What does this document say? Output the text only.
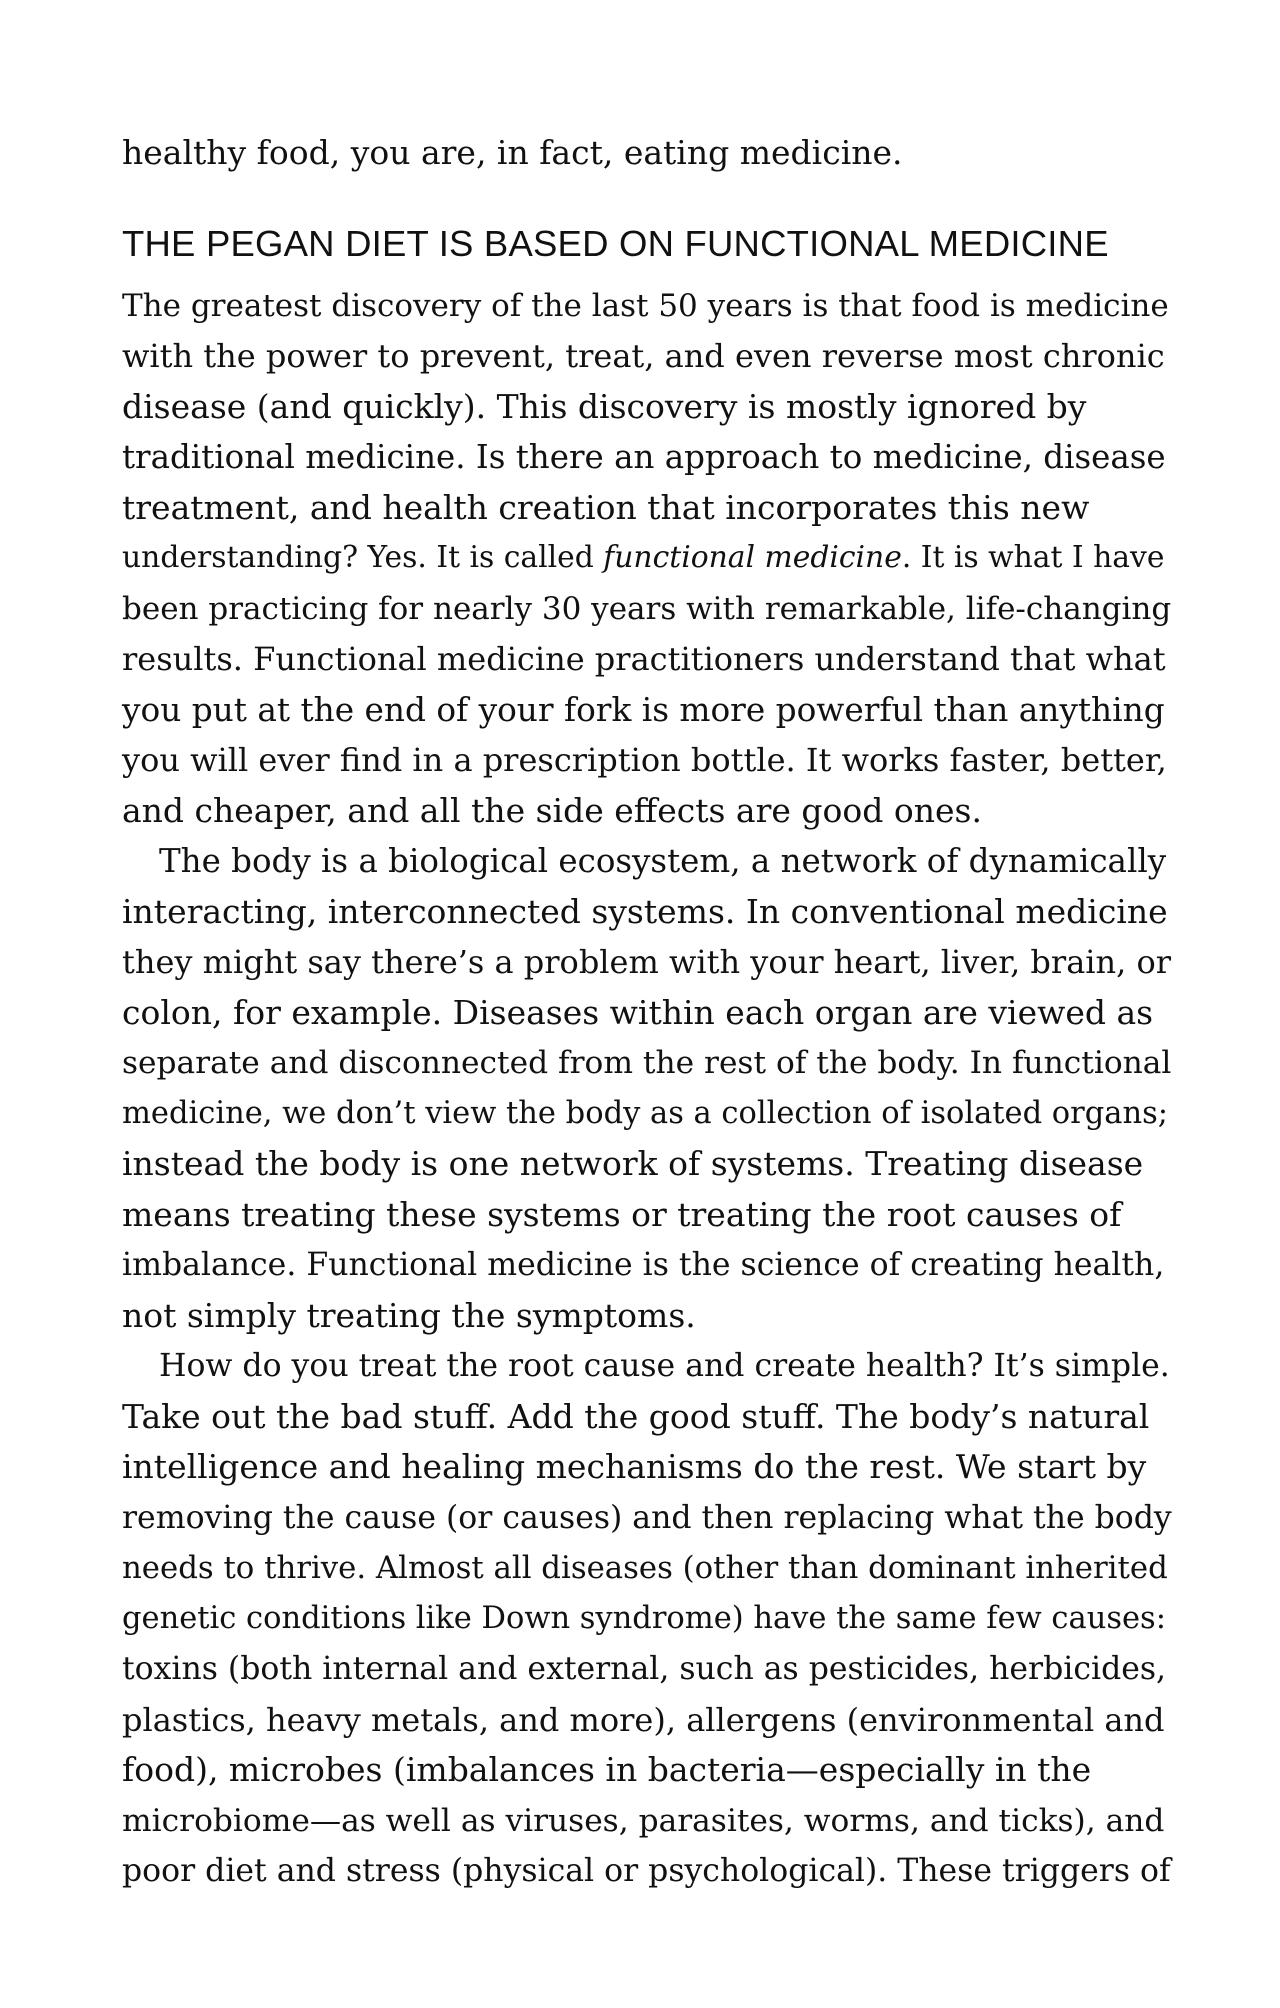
healthy food, you are, in fact, eating medicine.

THE PEGAN DIET IS BASED ON FUNCTIONAL MEDICINE

The greatest discovery of the last 50 years is that food is medicine
with the power to prevent, treat, and even reverse most chronic
disease (and quickly). This discovery is mostly ignored by
traditional medicine. Is there an approach to medicine, disease
treatment, and health creation that incorporates this new
understanding? Yes. It is called functional medicine. It is what I have
been practicing for nearly 30 years with remarkable, life-changing
results. Functional medicine practitioners understand that what
you put at the end of your fork is more powerful than anything
you will ever find in a prescription bottle. It works faster, better,
and cheaper, and all the side effects are good ones.

The body is a biological ecosystem, a network of dynamically
interacting, interconnected systems. In conventional medicine
they might say there’s a problem with your heart, liver, brain, or
colon, for example. Diseases within each organ are viewed as
separate and disconnected from the rest of the body. In functional
medicine, we don’t view the body as a collection of isolated organs;
instead the body is one network of systems. Treating disease
means treating these systems or treating the root causes of
imbalance. Functional medicine is the science of creating health,
not simply treating the symptoms.

How do you treat the root cause and create health? It’s simple.
Take out the bad stuff. Add the good stuff. The body’s natural
intelligence and healing mechanisms do the rest. We start by
removing the cause (or causes) and then replacing what the body
needs to thrive. Almost all diseases (other than dominant inherited
genetic conditions like Down syndrome) have the same few causes:
toxins (both internal and external, such as pesticides, herbicides,
plastics, heavy metals, and more), allergens (environmental and
food), microbes (imbalances in bacteria—especially in the
microbiome—as well as viruses, parasites, worms, and ticks), and
poor diet and stress (physical or psychological). These triggers of
